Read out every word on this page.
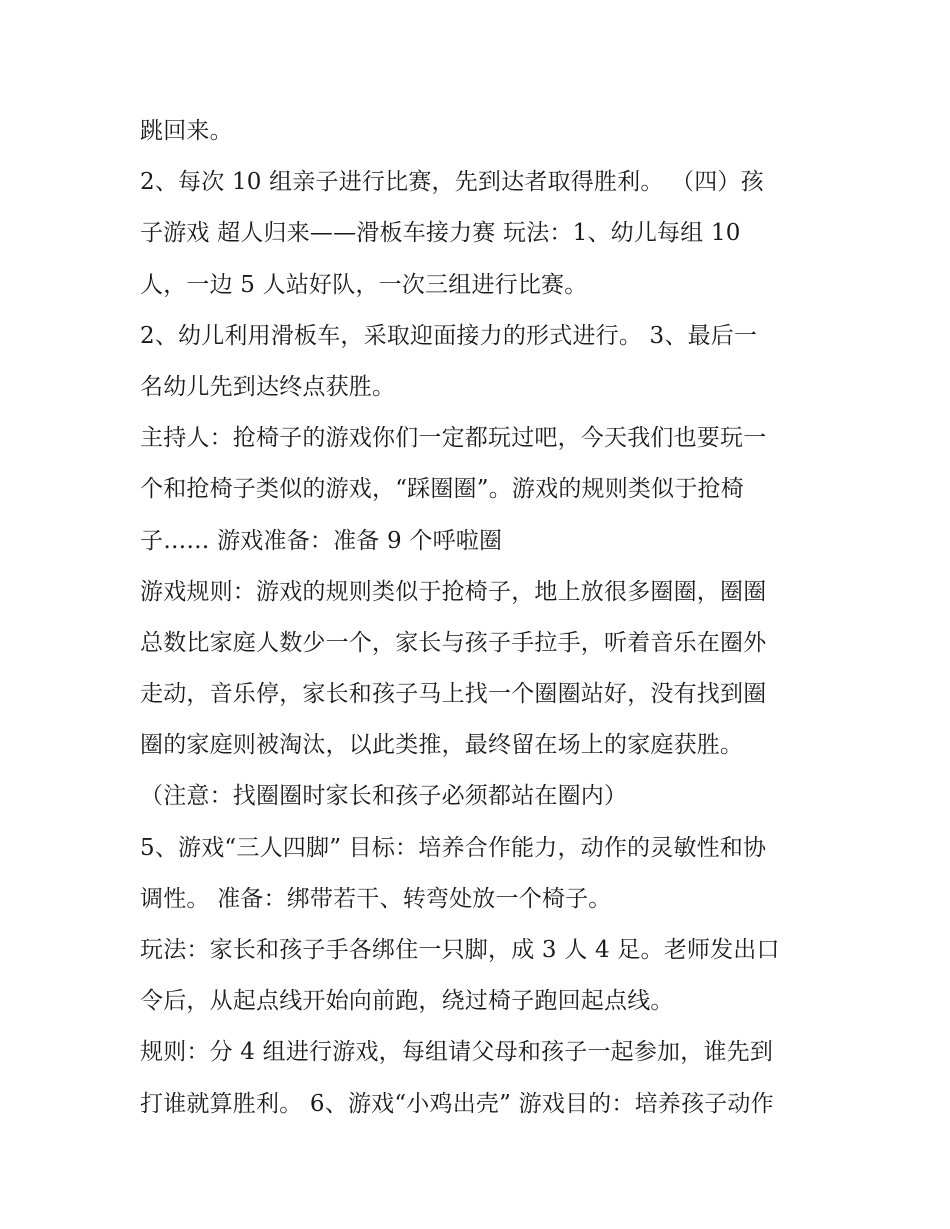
跳回来。
2、每次 10 组亲子进行比赛，先到达者取得胜利。 （四）孩
子游戏 超人归来——滑板车接力赛 玩法：1、幼儿每组 10
人，一边 5 人站好队，一次三组进行比赛。
2、幼儿利用滑板车，采取迎面接力的形式进行。 3、最后一
名幼儿先到达终点获胜。
主持人：抢椅子的游戏你们一定都玩过吧，今天我们也要玩一
个和抢椅子类似的游戏，“踩圈圈”。游戏的规则类似于抢椅
子…… 游戏准备：准备 9 个呼啦圈
游戏规则：游戏的规则类似于抢椅子，地上放很多圈圈，圈圈
总数比家庭人数少一个，家长与孩子手拉手，听着音乐在圈外
走动，音乐停，家长和孩子马上找一个圈圈站好，没有找到圈
圈的家庭则被淘汰，以此类推，最终留在场上的家庭获胜。
（注意：找圈圈时家长和孩子必须都站在圈内）
5、游戏“三人四脚” 目标：培养合作能力，动作的灵敏性和协
调性。 准备：绑带若干、转弯处放一个椅子。
玩法：家长和孩子手各绑住一只脚，成 3 人 4 足。老师发出口
令后，从起点线开始向前跑，绕过椅子跑回起点线。
规则：分 4 组进行游戏，每组请父母和孩子一起参加，谁先到
打谁就算胜利。 6、游戏“小鸡出壳” 游戏目的：培养孩子动作
